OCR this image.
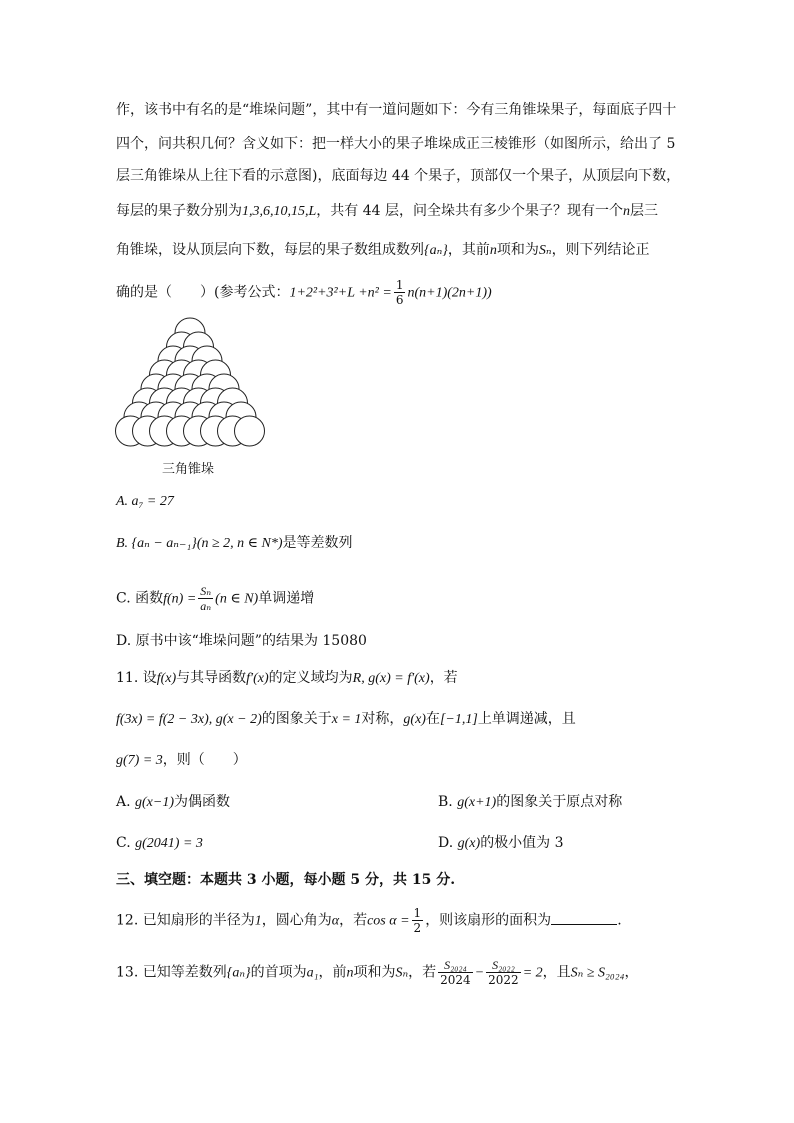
作，该书中有名的是“堆垛问题”，其中有一道问题如下：今有三角锥垛果子，每面底子四十
四个，问共积几何？含义如下：把一样大小的果子堆垛成正三棱锥形（如图所示，给出了 5
层三角锥垛从上往下看的示意图)，底面每边 44 个果子，顶部仅一个果子，从顶层向下数，
每层的果子数分别为1,3,6,10,15,L，共有 44 层，问全垛共有多少个果子？现有一个n层三
角锥垛，设从顶层向下数，每层的果子数组成数列{aₙ}，其前n项和为Sₙ，则下列结论正
确的是（　　）(参考公式：$1+2^2+3^2+L +n^2 = \frac{1}{6} n(n+1)(2n+1)$)
三角锥垛
A. a₇ = 27
B. {aₙ − aₙ₋₁}(n ≥ 2, n ∈ N*)是等差数列
C. 函数$f(n) = \frac{\text{Sₙ}}{\text{aₙ}} (n$ ∈ N)单调递增
D. 原书中该“堆垛问题”的结果为 15080
11. 设f(x)与其导函数f′(x)的定义域均为R, g(x) = f′(x)，若
f(3x) = f(2 − 3x), g(x − 2)的图象关于x = 1对称，g(x)在[−1,1]上单调递减，且
g(7) = 3，则（　　）
A. g(x−1)为偶函数	B. g(x+1)的图象关于原点对称
C. g(2041) = 3	D. g(x)的极小值为 3
三、填空题：本题共 3 小题，每小题 5 分，共 15 分.
12. 已知扇形的半径为1，圆心角为α，若$\cos \alpha = \frac{1}{2}$ ，则该扇形的面积为	.
13. 已知等差数列{aₙ}的首项为a₁，前n项和为Sₙ，若 $\frac{\text{S₂₀₂₄}}{2024} - \frac{\text{S₂₀₂₂}}{2022} = 2$，且Sₙ ≥ S₂₀₂₄，
